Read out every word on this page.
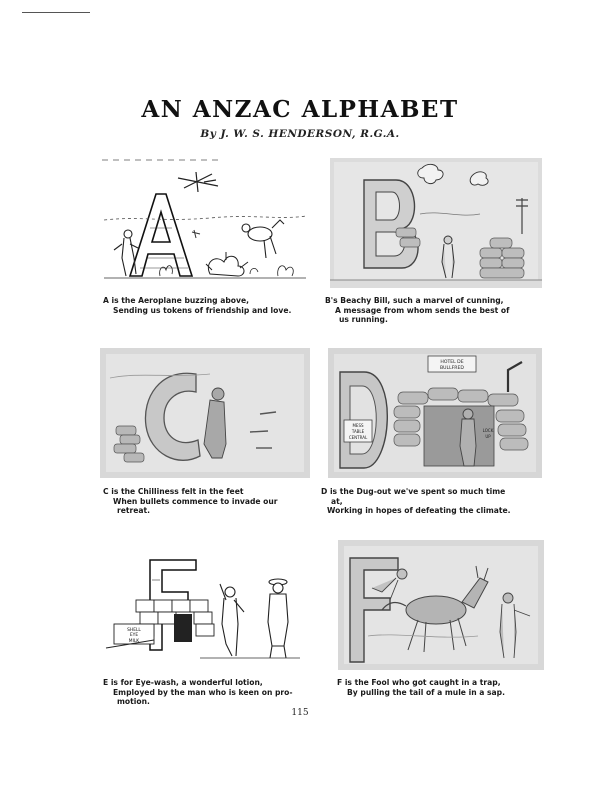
AN ANZAC ALPHABET
By J. W. S. HENDERSON, R.G.A.
A is the Aeroplane buzzing above,
Sending us tokens of friendship and love.
B's Beachy Bill, such a marvel of cunning,
A message from whom sends the best of
us running.
C is the Chilliness felt in the feet
When bullets commence to invade our
retreat.
HOTEL DE
BULLFRED
MESS
TABLE
CENTRAL
LOCK
UP
D is the Dug-out we've spent so much time
at,
Working in hopes of defeating the climate.
SHELL
EYE
MILK
E is for Eye-wash, a wonderful lotion,
Employed by the man who is keen on pro-
motion.
F is the Fool who got caught in a trap,
By pulling the tail of a mule in a sap.
115
